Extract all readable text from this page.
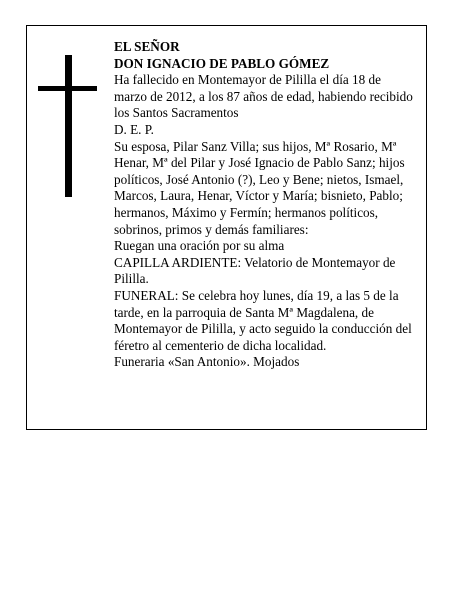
EL SEÑOR

DON IGNACIO DE PABLO GÓMEZ

Ha fallecido en Montemayor de Pililla el día 18 de marzo de 2012, a los 87 años de edad, habiendo recibido los Santos Sacramentos

D. E. P.

Su esposa, Pilar Sanz Villa; sus hijos, Mª Rosario, Mª Henar, Mª del Pilar y José Ignacio de Pablo Sanz; hijos políticos, José Antonio (?), Leo y Bene; nietos, Ismael, Marcos, Laura, Henar, Víctor y María; bisnieto, Pablo; hermanos, Máximo y Fermín; hermanos políticos, sobrinos, primos y demás familiares:

Ruegan una oración por su alma

CAPILLA ARDIENTE: Velatorio de Montemayor de Pililla.

FUNERAL: Se celebra hoy lunes, día 19, a las 5 de la tarde, en la parroquia de Santa Mª Magdalena, de Montemayor de Pililla, y acto seguido la conducción del féretro al cementerio de dicha localidad.

Funeraria «San Antonio». Mojados
